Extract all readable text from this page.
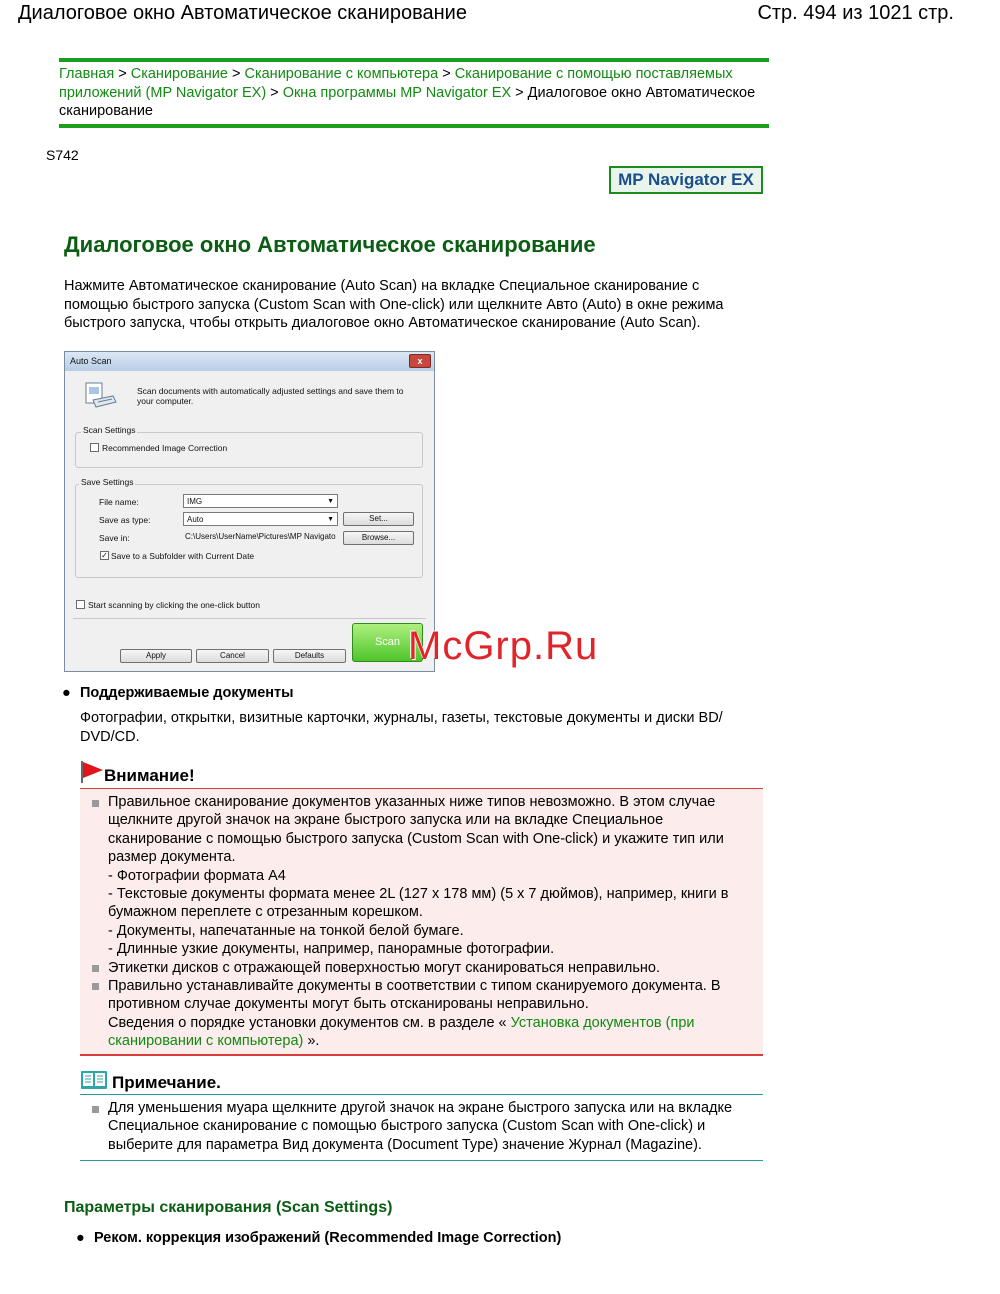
Диалоговое окно Автоматическое сканирование	Стр. 494 из 1021 стр.
Главная > Сканирование > Сканирование с компьютера > Сканирование с помощью поставляемых приложений (MP Navigator EX) > Окна программы MP Navigator EX > Диалоговое окно Автоматическое сканирование
S742
MP Navigator EX
Диалоговое окно Автоматическое сканирование
Нажмите Автоматическое сканирование (Auto Scan) на вкладке Специальное сканирование с помощью быстрого запуска (Custom Scan with One-click) или щелкните Авто (Auto) в окне режима быстрого запуска, чтобы открыть диалоговое окно Автоматическое сканирование (Auto Scan).
Auto Scan	x
Scan documents with automatically adjusted settings and save them to your computer.
Scan Settings
Recommended Image Correction
Save Settings
File name:	IMG	▼
Save as type:	Auto	▼	Set...
Save in:	C:\Users\UserName\Pictures\MP Navigato	Browse...
✓ Save to a Subfolder with Current Date
Start scanning by clicking the one-click button
Scan
Apply	Cancel	Defaults	McGrp.Ru
● Поддерживаемые документы
Фотографии, открытки, визитные карточки, журналы, газеты, текстовые документы и диски BD/ DVD/CD.
Внимание!
Правильное сканирование документов указанных ниже типов невозможно. В этом случае
щелкните другой значок на экране быстрого запуска или на вкладке Специальное
сканирование с помощью быстрого запуска (Custom Scan with One-click) и укажите тип или
размер документа.
- Фотографии формата A4
- Текстовые документы формата менее 2L (127 x 178 мм) (5 x 7 дюймов), например, книги в
бумажном переплете с отрезанным корешком.
- Документы, напечатанные на тонкой белой бумаге.
- Длинные узкие документы, например, панорамные фотографии.
Этикетки дисков с отражающей поверхностью могут сканироваться неправильно.
Правильно устанавливайте документы в соответствии с типом сканируемого документа. В
противном случае документы могут быть отсканированы неправильно.
Сведения о порядке установки документов см. в разделе « Установка документов (при
сканировании с компьютера) ».
Примечание.
Для уменьшения муара щелкните другой значок на экране быстрого запуска или на вкладке
Специальное сканирование с помощью быстрого запуска (Custom Scan with One-click) и
выберите для параметра Вид документа (Document Type) значение Журнал (Magazine).
Параметры сканирования (Scan Settings)
● Реком. коррекция изображений (Recommended Image Correction)
